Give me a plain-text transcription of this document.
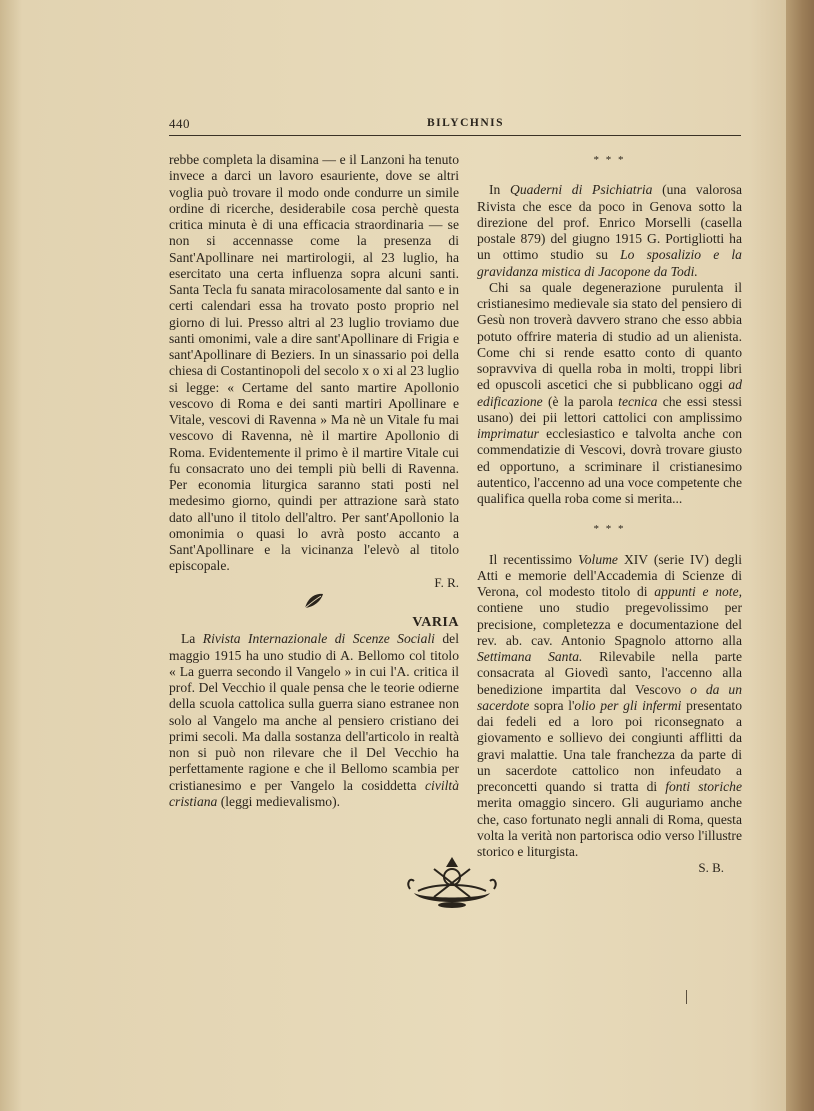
440	BILYCHNIS

rebbe completa la disamina — e il Lanzoni ha tenuto invece a darci un lavoro esauriente, dove se altri voglia può trovare il modo onde condurre un simile ordine di ricerche, desiderabile cosa perchè questa critica minuta è di una efficacia straordinaria — se non si accennasse come la presenza di Sant'Apollinare nei martirologii, al 23 luglio, ha esercitato una certa influenza sopra alcuni santi. Santa Tecla fu sanata miracolosamente dal santo e in certi calendari essa ha trovato posto proprio nel giorno di lui. Presso altri al 23 luglio troviamo due santi omonimi, vale a dire sant'Apollinare di Frigia e sant'Apollinare di Beziers. In un sinassario poi della chiesa di Costantinopoli del secolo x o xi al 23 luglio si legge: « Certame del santo martire Apollonio vescovo di Roma e dei santi martiri Apollinare e Vitale, vescovi di Ravenna » Ma nè un Vitale fu mai vescovo di Ravenna, nè il martire Apollonio di Roma. Evidentemente il primo è il martire Vitale cui fu consacrato uno dei templi più belli di Ravenna. Per economia liturgica saranno stati posti nel medesimo giorno, quindi per attrazione sarà stato dato all'uno il titolo dell'altro. Per sant'Apollonio la omonimia o quasi lo avrà posto accanto a Sant'Apollinare e la vicinanza l'elevò al titolo episcopale.

F. R.
VARIA

La Rivista Internazionale di Scenze Sociali del maggio 1915 ha uno studio di A. Bellomo col titolo « La guerra secondo il Vangelo » in cui l'A. critica il prof. Del Vecchio il quale pensa che le teorie odierne della scuola cattolica sulla guerra siano estranee non solo al Vangelo ma anche al pensiero cristiano dei primi secoli. Ma dalla sostanza dell'articolo in realtà non si può non rilevare che il Del Vecchio ha perfettamente ragione e che il Bellomo scambia per cristianesimo e per Vangelo la cosiddetta civiltà cristiana (leggi medievalismo).

* * *

In Quaderni di Psichiatria (una valorosa Rivista che esce da poco in Genova sotto la direzione del prof. Enrico Morselli (casella postale 879) del giugno 1915 G. Portigliotti ha un ottimo studio su Lo sposalizio e la gravidanza mistica di Jacopone da Todi.

Chi sa quale degenerazione purulenta il cristianesimo medievale sia stato del pensiero di Gesù non troverà davvero strano che esso abbia potuto offrire materia di studio ad un alienista. Come chi si rende esatto conto di quanto sopravviva di quella roba in molti, troppi libri ed opuscoli ascetici che si pubblicano oggi ad edificazione (è la parola tecnica che essi stessi usano) dei pii lettori cattolici con amplissimo imprimatur ecclesiastico e talvolta anche con commendatizie di Vescovi, dovrà trovare giusto ed opportuno, a scriminare il cristianesimo autentico, l'accenno ad una voce competente che qualifica quella roba come si merita...

* * *

Il recentissimo Volume XIV (serie IV) degli Atti e memorie dell'Accademia di Scienze di Verona, col modesto titolo di appunti e note, contiene uno studio pregevolissimo per precisione, completezza e documentazione del rev. ab. cav. Antonio Spagnolo attorno alla Settimana Santa. Rilevabile nella parte consacrata al Giovedì santo, l'accenno alla benedizione impartita dal Vescovo o da un sacerdote sopra l'olio per gli infermi presentato dai fedeli ed a loro poi riconsegnato a giovamento e sollievo dei congiunti afflitti da gravi malattie. Una tale franchezza da parte di un sacerdote cattolico non infeudato a preconcetti quando si tratta di fonti storiche merita omaggio sincero. Gli auguriamo anche che, caso fortunato negli annali di Roma, questa volta la verità non partorisca odio verso l'illustre storico e liturgista.

S. B.
